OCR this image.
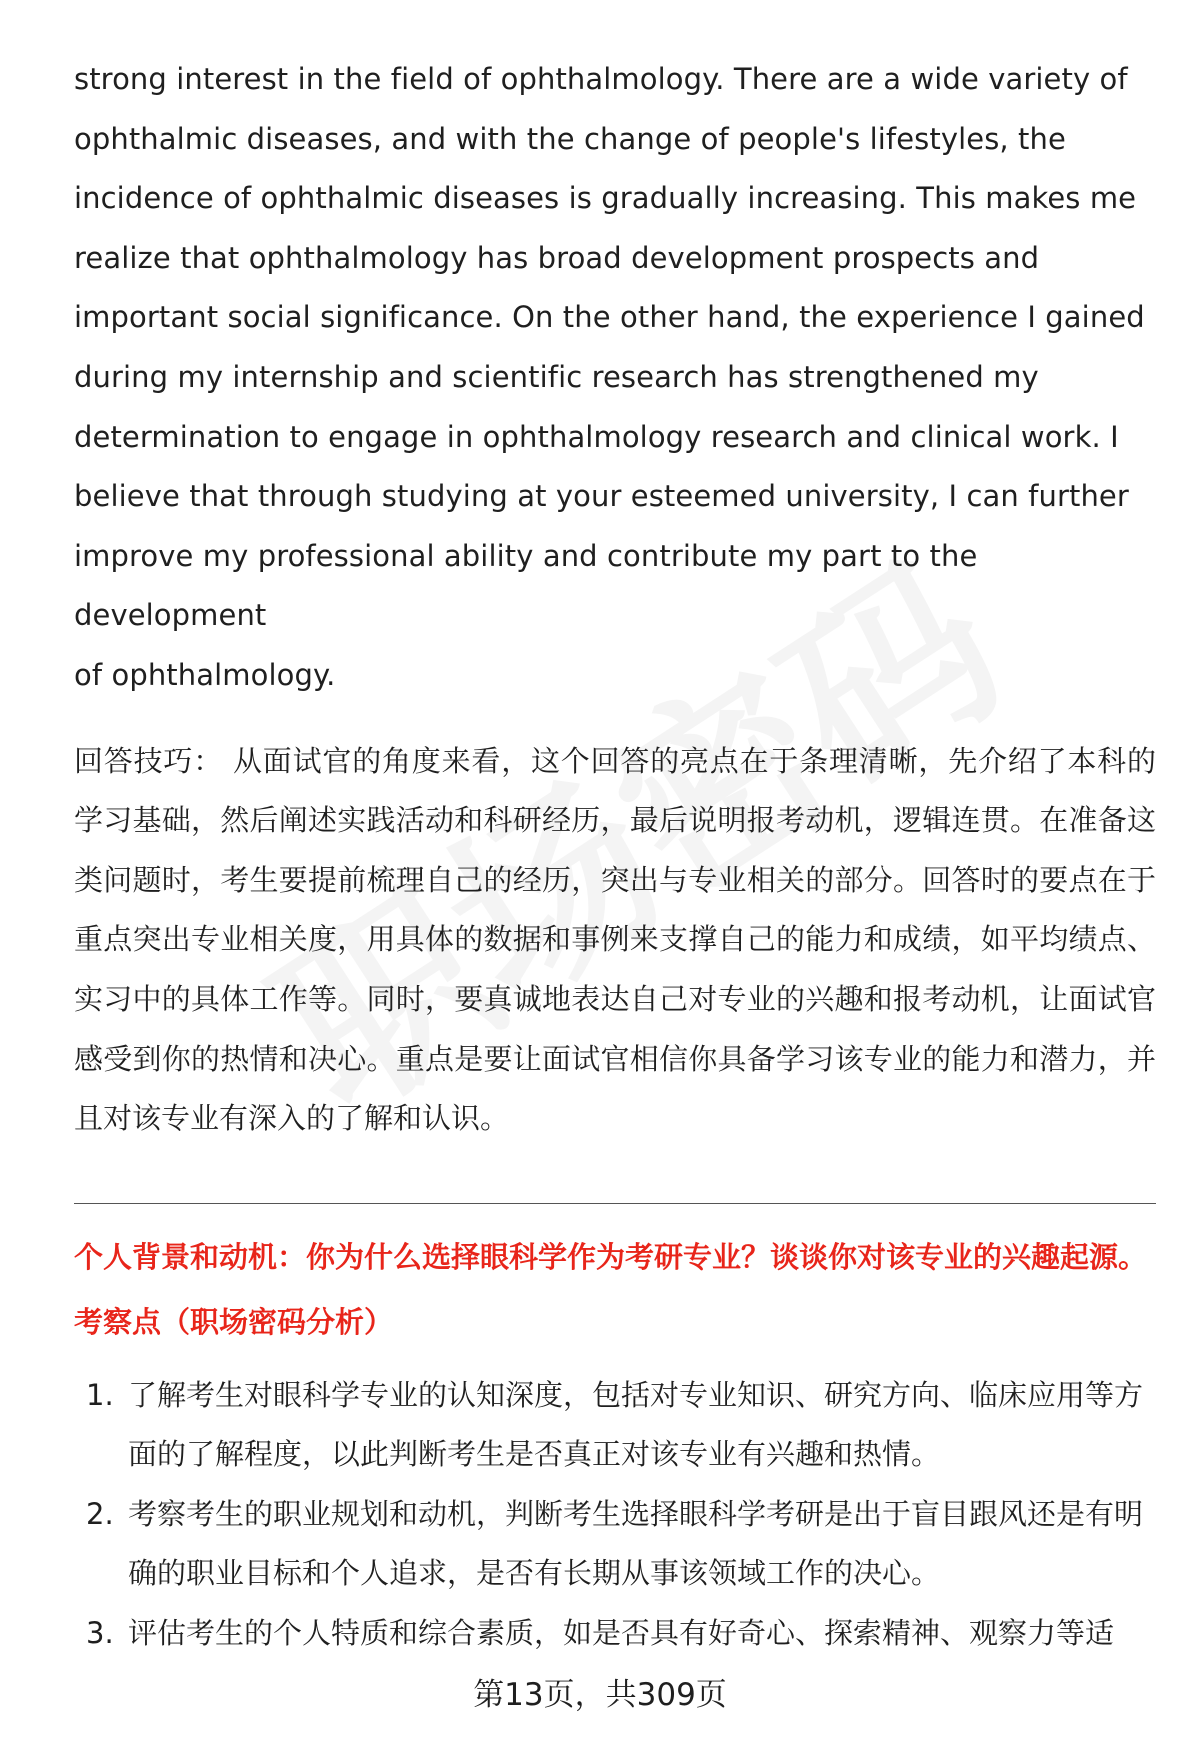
strong interest in the field of ophthalmology. There are a wide variety of
ophthalmic diseases, and with the change of people's lifestyles, the
incidence of ophthalmic diseases is gradually increasing. This makes me
realize that ophthalmology has broad development prospects and
important social significance. On the other hand, the experience I gained
during my internship and scientific research has strengthened my
determination to engage in ophthalmology research and clinical work. I
believe that through studying at your esteemed university, I can further
improve my professional ability and contribute my part to the development
of ophthalmology.

回答技巧： 从面试官的角度来看，这个回答的亮点在于条理清晰，先介绍了本科的学习基础，然后阐述实践活动和科研经历，最后说明报考动机，逻辑连贯。在准备这类问题时，考生要提前梳理自己的经历，突出与专业相关的部分。回答时的要点在于重点突出专业相关度，用具体的数据和事例来支撑自己的能力和成绩，如平均绩点、实习中的具体工作等。同时，要真诚地表达自己对专业的兴趣和报考动机，让面试官感受到你的热情和决心。重点是要让面试官相信你具备学习该专业的能力和潜力，并且对该专业有深入的了解和认识。

个人背景和动机：你为什么选择眼科学作为考研专业？谈谈你对该专业的兴趣起源。
考察点（职场密码分析）
1. 了解考生对眼科学专业的认知深度，包括对专业知识、研究方向、临床应用等方面的了解程度，以此判断考生是否真正对该专业有兴趣和热情。
2. 考察考生的职业规划和动机，判断考生选择眼科学考研是出于盲目跟风还是有明确的职业目标和个人追求，是否有长期从事该领域工作的决心。
3. 评估考生的个人特质和综合素质，如是否具有好奇心、探索精神、观察力等适
第13页，共309页
